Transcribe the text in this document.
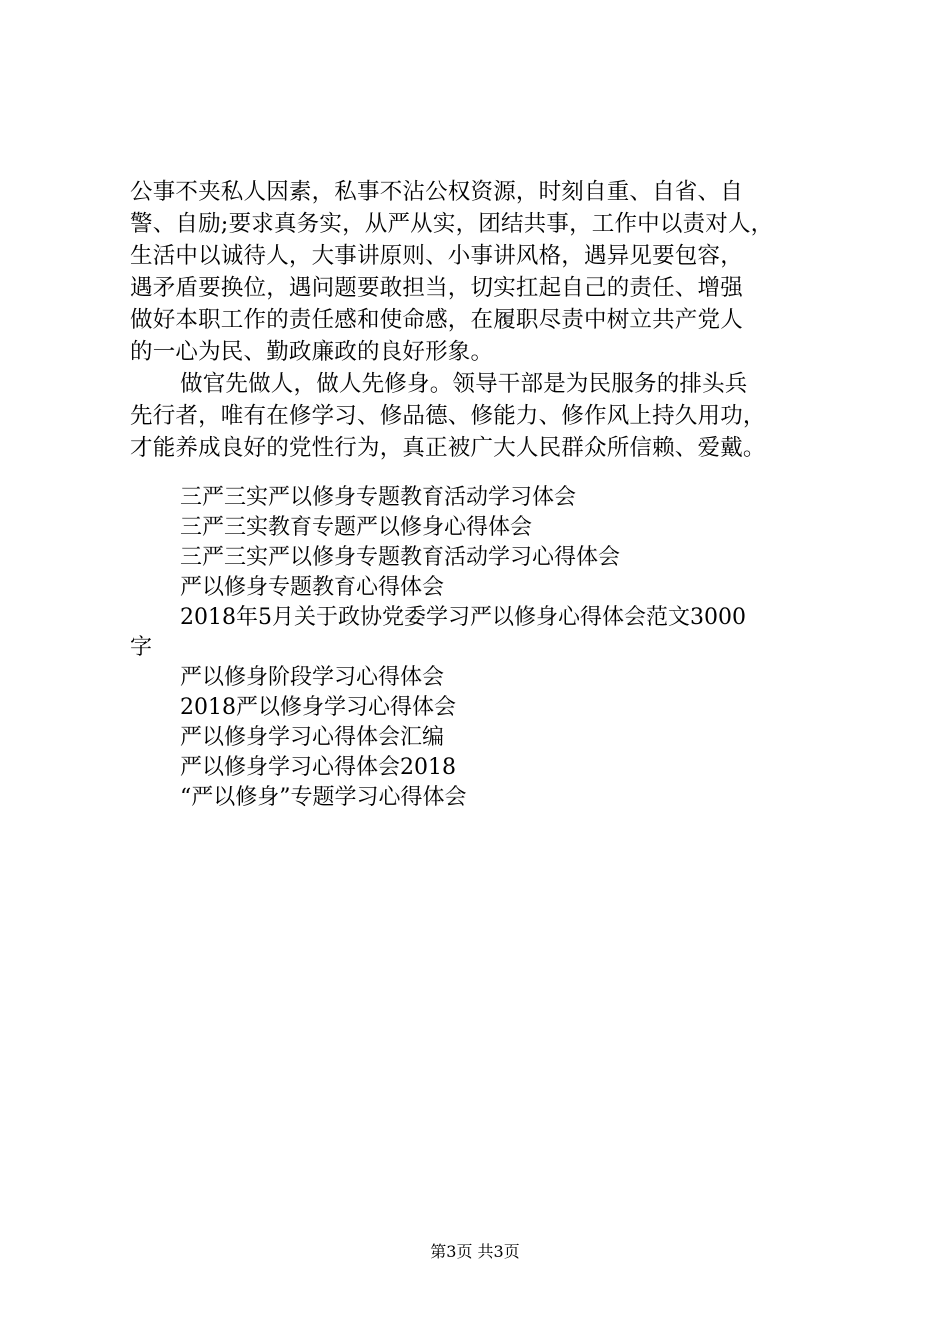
公事不夹私人因素，私事不沾公权资源，时刻自重、自省、自
警、自励;要求真务实，从严从实，团结共事，工作中以责对人，
生活中以诚待人，大事讲原则、小事讲风格，遇异见要包容，
遇矛盾要换位，遇问题要敢担当，切实扛起自己的责任、增强
做好本职工作的责任感和使命感，在履职尽责中树立共产党人
的一心为民、勤政廉政的良好形象。
做官先做人，做人先修身。领导干部是为民服务的排头兵
先行者，唯有在修学习、修品德、修能力、修作风上持久用功，
才能养成良好的党性行为，真正被广大人民群众所信赖、爱戴。
三严三实严以修身专题教育活动学习体会
三严三实教育专题严以修身心得体会
三严三实严以修身专题教育活动学习心得体会
严以修身专题教育心得体会
2018年5月关于政协党委学习严以修身心得体会范文3000
字
严以修身阶段学习心得体会
2018严以修身学习心得体会
严以修身学习心得体会汇编
严以修身学习心得体会2018
“严以修身”专题学习心得体会
第3页 共3页
